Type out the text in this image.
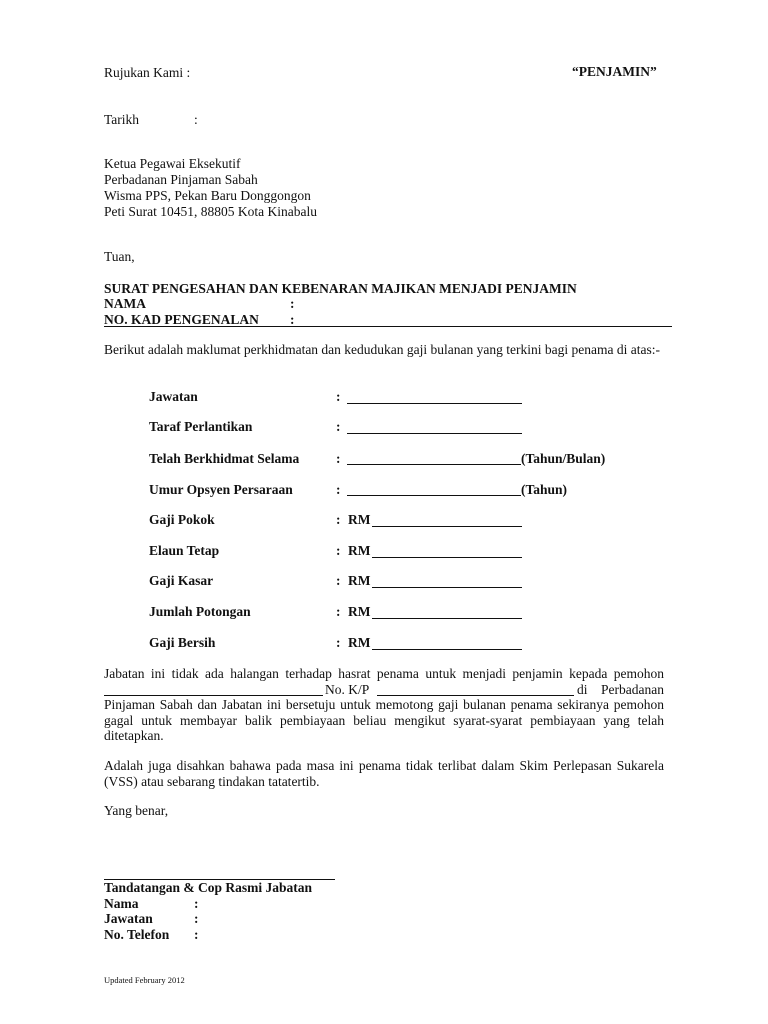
Rujukan Kami :	“PENJAMIN”
Tarikh	:
Ketua Pegawai Eksekutif
Perbadanan Pinjaman Sabah
Wisma PPS, Pekan Baru Donggongon
Peti Surat 10451, 88805 Kota Kinabalu
Tuan,
SURAT PENGESAHAN DAN KEBENARAN MAJIKAN MENJADI PENJAMIN
NAMA	:
NO. KAD PENGENALAN :
Berikut adalah maklumat perkhidmatan dan kedudukan gaji bulanan yang terkini bagi penama di atas:-
Jawatan	:
Taraf Perlantikan	:
Telah Berkhidmat Selama	:	(Tahun/Bulan)
Umur Opsyen Persaraan	:	(Tahun)
Gaji Pokok	: RM
Elaun Tetap	: RM
Gaji Kasar	: RM
Jumlah Potongan	: RM
Gaji Bersih	: RM
Jabatan ini tidak ada halangan terhadap hasrat penama untuk menjadi penjamin kepada pemohon
No. K/P	di	Perbadanan
Pinjaman Sabah dan Jabatan ini bersetuju untuk memotong gaji bulanan penama sekiranya pemohon gagal untuk membayar balik pembiayaan beliau mengikut syarat-syarat pembiayaan yang telah ditetapkan.
Adalah juga disahkan bahawa pada masa ini penama tidak terlibat dalam Skim Perlepasan Sukarela (VSS) atau sebarang tindakan tatatertib.
Yang benar,
Tandatangan & Cop Rasmi Jabatan
Nama	:
Jawatan	:
No. Telefon :
Updated February 2012
